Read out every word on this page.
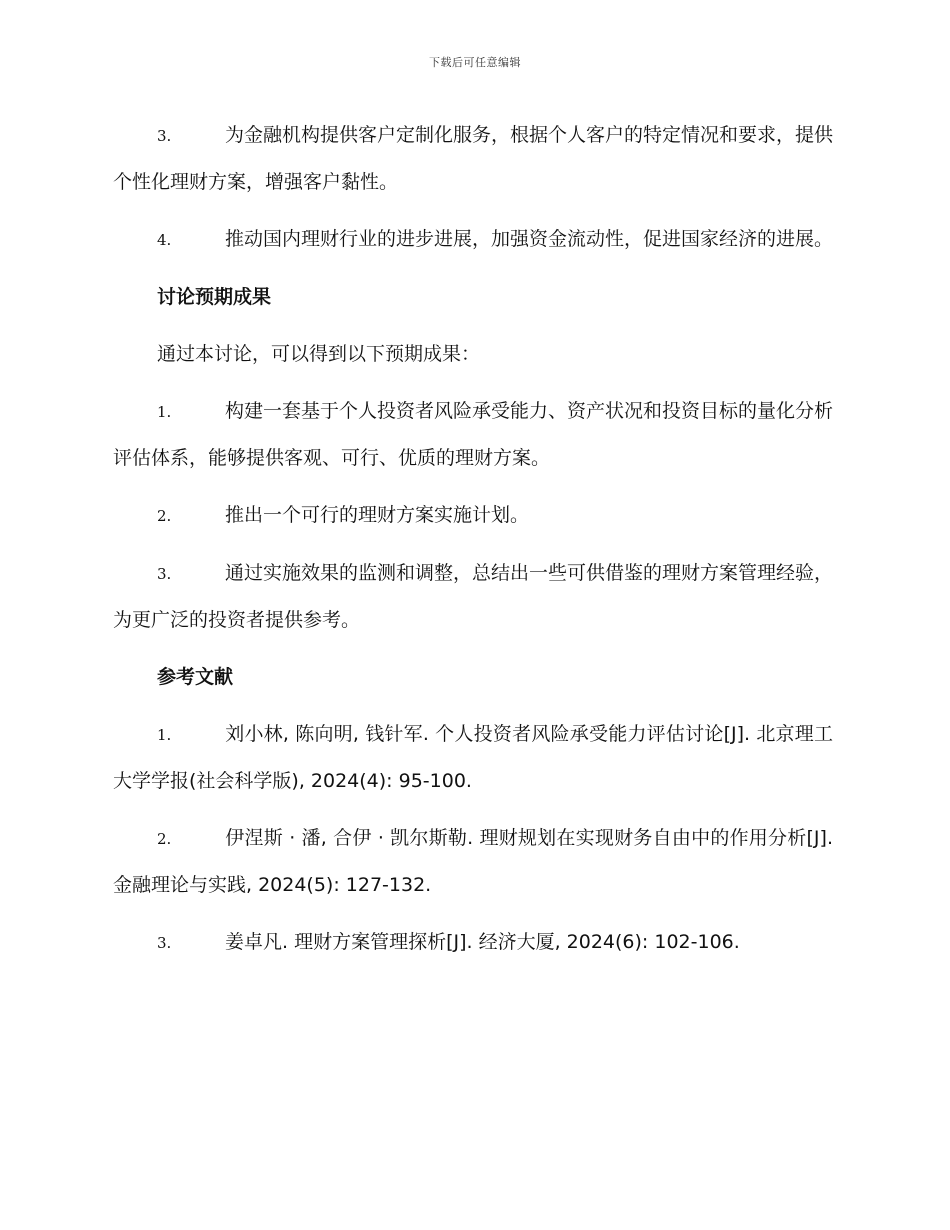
下载后可任意编辑

3.	为金融机构提供客户定制化服务，根据个人客户的特定情况和要求，提供个性化理财方案，增强客户黏性。

4.	推动国内理财行业的进步进展，加强资金流动性，促进国家经济的进展。

讨论预期成果
通过本讨论，可以得到以下预期成果：

1.	构建一套基于个人投资者风险承受能力、资产状况和投资目标的量化分析评估体系，能够提供客观、可行、优质的理财方案。

2.	推出一个可行的理财方案实施计划。

3.	通过实施效果的监测和调整，总结出一些可供借鉴的理财方案管理经验，为更广泛的投资者提供参考。

参考文献

1.	刘小林, 陈向明, 钱针军. 个人投资者风险承受能力评估讨论[J]. 北京理工大学学报(社会科学版), 2024(4): 95-100.

2.	伊涅斯 · 潘, 合伊 · 凯尔斯勒. 理财规划在实现财务自由中的作用分析[J]. 金融理论与实践, 2024(5): 127-132.

3.	姜卓凡. 理财方案管理探析[J]. 经济大厦, 2024(6): 102-106.
